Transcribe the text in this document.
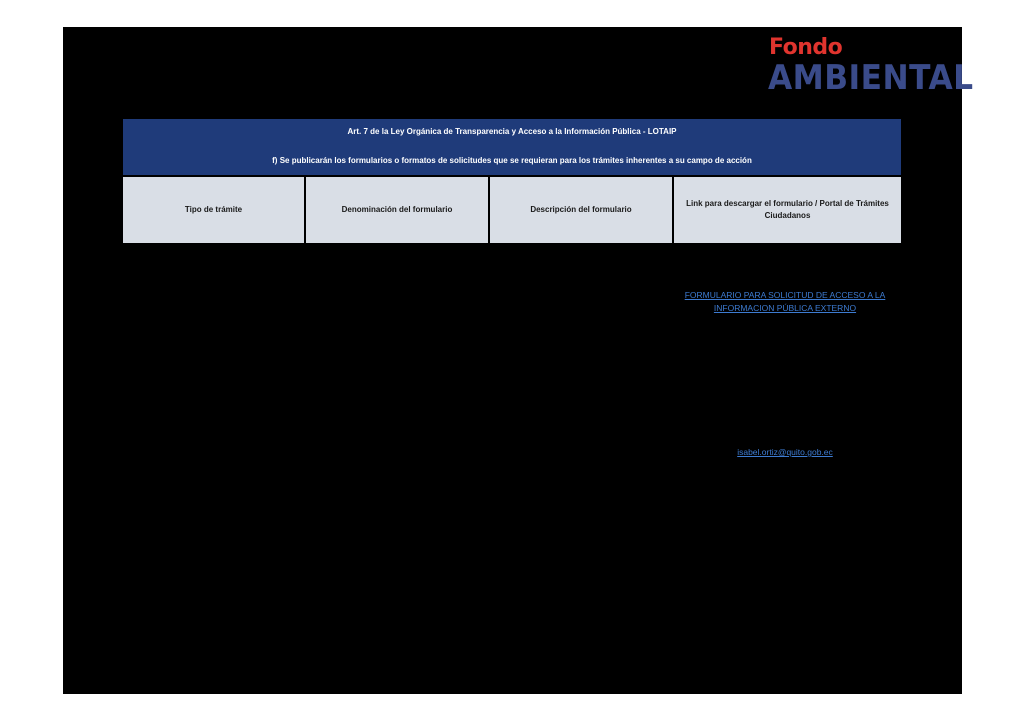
Fondo
AMBIENTAL
Art. 7 de la Ley Orgánica de Transparencia y Acceso a la Información Pública - LOTAIP
f) Se publicarán los formularios o formatos de solicitudes que se requieran para los trámites inherentes a su campo de acción
Tipo de trámite	Denominación del formulario	Descripción del formulario
Link para descargar el formulario / Portal de Trámites Ciudadanos
FORMULARIO PARA SOLICITUD DE ACCESO A LA INFORMACION PÚBLICA EXTERNO
isabel.ortiz@quito.gob.ec
